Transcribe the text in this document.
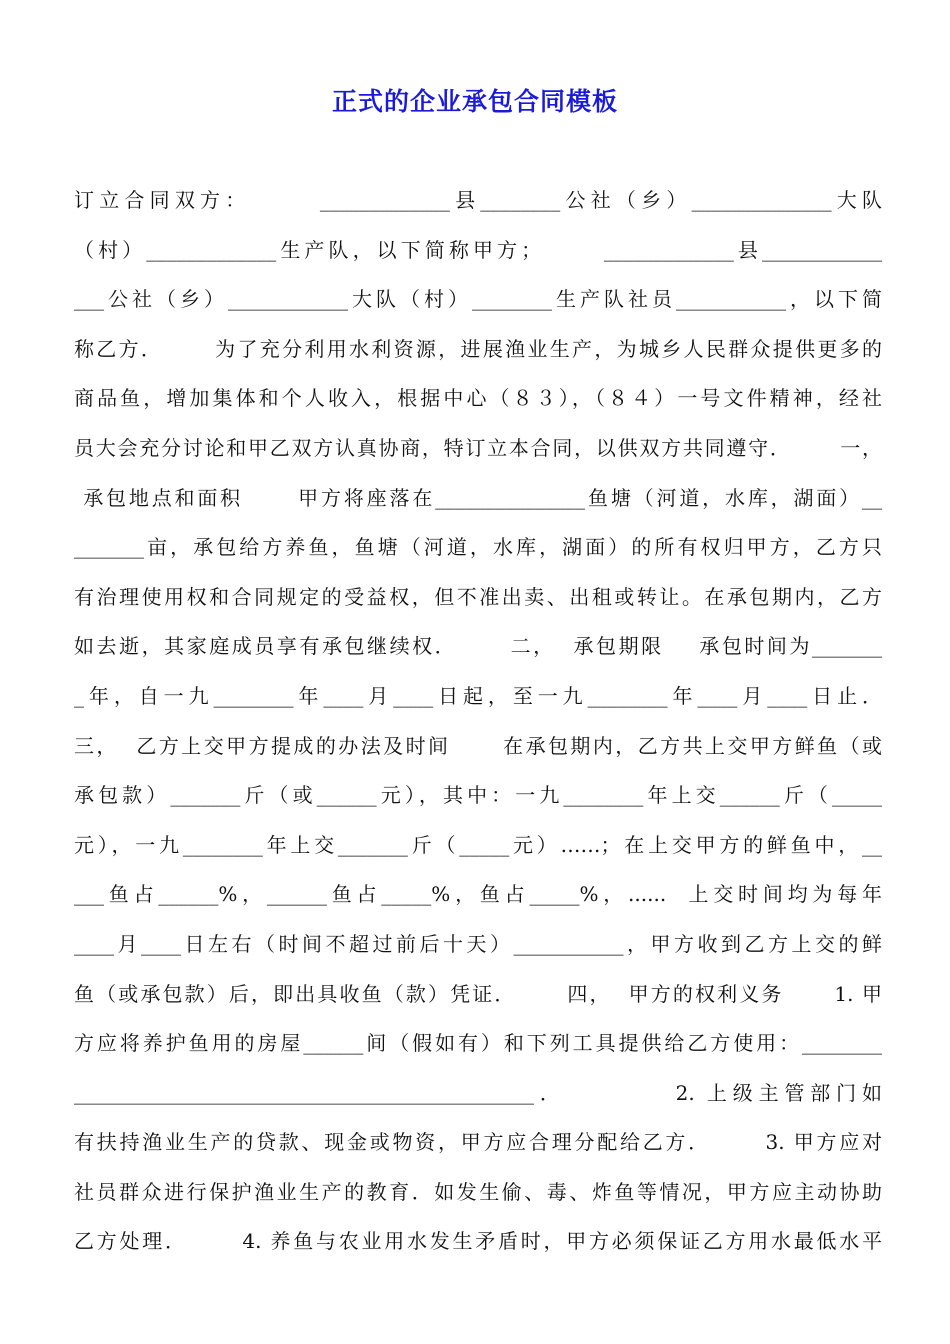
正式的企业承包合同模板
订立合同双方：      _____________县________公社（乡）______________大队
（村）_____________生产队，以下简称甲方；      _____________县____________
___公社（乡）____________大队（村）________生产队社员___________，以下简
称乙方．      为了充分利用水利资源，进展渔业生产，为城乡人民群众提供更多的
商品鱼，增加集体和个人收入，根据中心（８３），（８４）一号文件精神，经社
员大会充分讨论和甲乙双方认真协商，特订立本合同，以供双方共同遵守．      一，
承包地点和面积      甲方将座落在_______________鱼塘（河道，水库，湖面）__
_______亩，承包给方养鱼，鱼塘（河道，水库，湖面）的所有权归甲方，乙方只
有治理使用权和合同规定的受益权，但不准出卖、出租或转让。在承包期内，乙方
如去逝，其家庭成员享有承包继续权．      二，  承包期限    承包时间为_______
_年，自一九________年____月____日起，至一九________年____月____日止．
三，  乙方上交甲方提成的办法及时间      在承包期内，乙方共上交甲方鲜鱼（或
承包款）_______斤（或______元），其中：一九________年上交______斤（_____
元），一九________年上交_______斤（_____元）……；在上交甲方的鲜鱼中，__
___鱼占______%，______鱼占_____%，鱼占_____%，......  上交时间均为每年
____月____日左右（时间不超过前后十天）___________，甲方收到乙方上交的鲜
鱼（或承包款）后，即出具收鱼（款）凭证．      四，  甲方的权利义务      1. 甲
方应将养护鱼用的房屋______间（假如有）和下列工具提供给乙方使用：________
______________________________________________．         2. 上级主管部门如
有扶持渔业生产的贷款、现金或物资，甲方应合理分配给乙方．      3. 甲方应对
社员群众进行保护渔业生产的教育．如发生偷、毒、炸鱼等情况，甲方应主动协助
乙方处理．      4. 养鱼与农业用水发生矛盾时，甲方必须保证乙方用水最低水平
